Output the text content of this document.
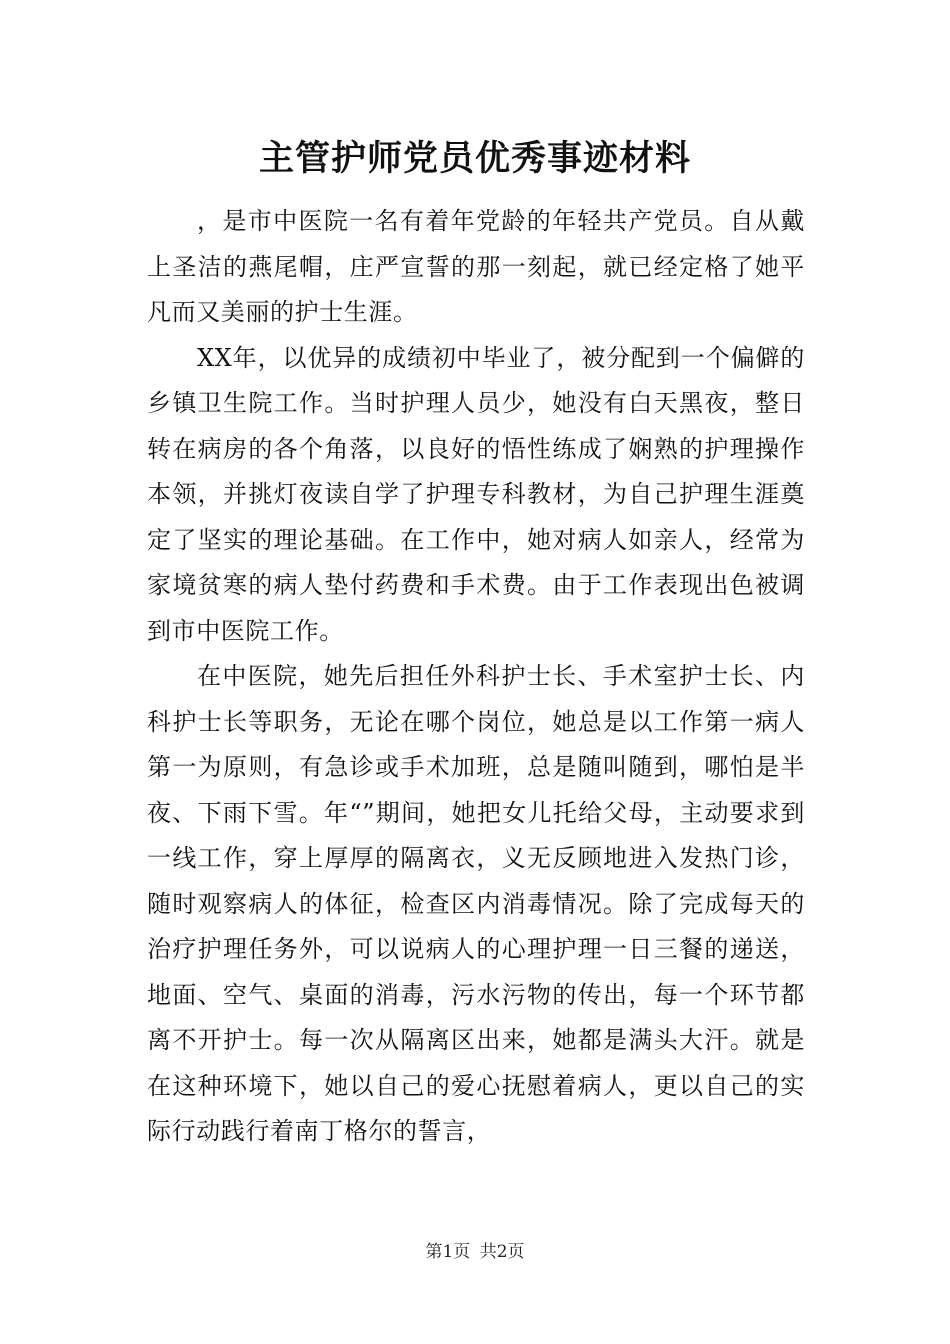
主管护师党员优秀事迹材料

，是市中医院一名有着年党龄的年轻共产党员。自从戴上圣洁的燕尾帽，庄严宣誓的那一刻起，就已经定格了她平凡而又美丽的护士生涯。

XX年，以优异的成绩初中毕业了，被分配到一个偏僻的乡镇卫生院工作。当时护理人员少，她没有白天黑夜，整日转在病房的各个角落，以良好的悟性练成了娴熟的护理操作本领，并挑灯夜读自学了护理专科教材，为自己护理生涯奠定了坚实的理论基础。在工作中，她对病人如亲人，经常为家境贫寒的病人垫付药费和手术费。由于工作表现出色被调到市中医院工作。

在中医院，她先后担任外科护士长、手术室护士长、内科护士长等职务，无论在哪个岗位，她总是以工作第一病人第一为原则，有急诊或手术加班，总是随叫随到，哪怕是半夜、下雨下雪。年“”期间，她把女儿托给父母，主动要求到一线工作，穿上厚厚的隔离衣，义无反顾地进入发热门诊，随时观察病人的体征，检查区内消毒情况。除了完成每天的治疗护理任务外，可以说病人的心理护理一日三餐的递送，地面、空气、桌面的消毒，污水污物的传出，每一个环节都离不开护士。每一次从隔离区出来，她都是满头大汗。就是在这种环境下，她以自己的爱心抚慰着病人，更以自己的实际行动践行着南丁格尔的誓言，

第1页 共2页
